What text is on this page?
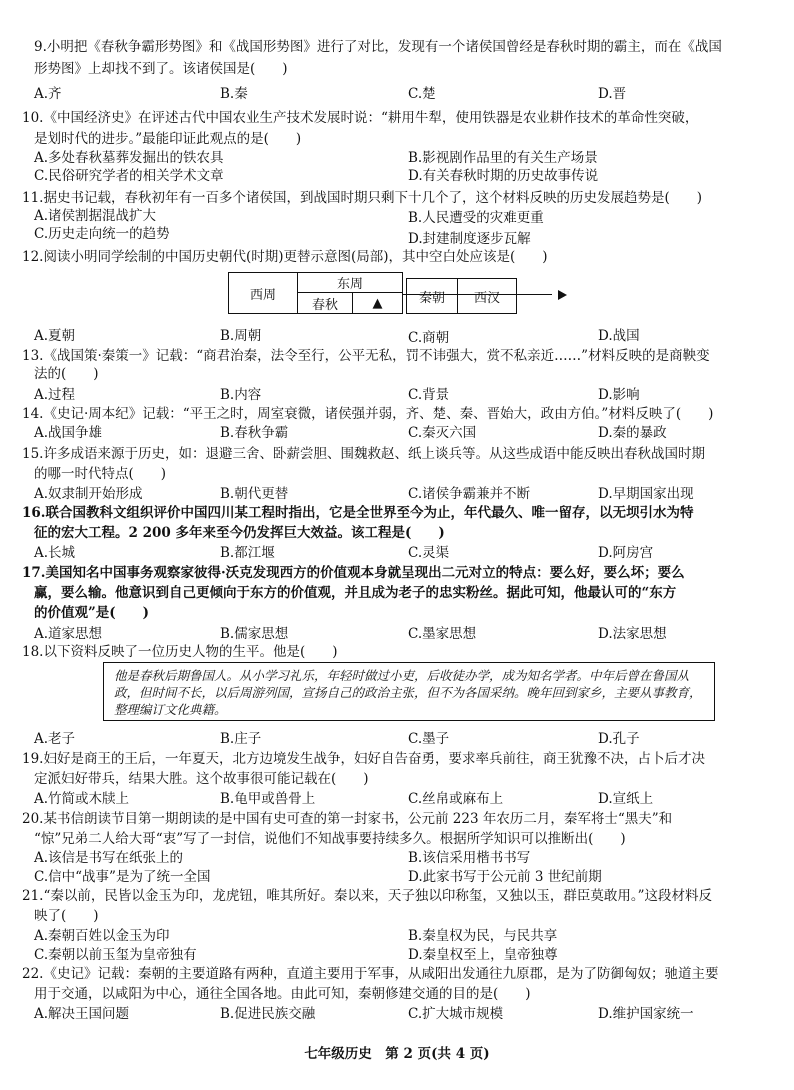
9.小明把《春秋争霸形势图》和《战国形势图》进行了对比，发现有一个诸侯国曾经是春秋时期的霸主，而在《战国
形势图》上却找不到了。该诸侯国是(　　)
A.齐	B.秦	C.楚	D.晋
10.《中国经济史》在评述古代中国农业生产技术发展时说：“耕用牛犁，使用铁器是农业耕作技术的革命性突破，
是划时代的进步。”最能印证此观点的是(　　)
A.多处春秋墓葬发掘出的铁农具	B.影视剧作品里的有关生产场景
C.民俗研究学者的相关学术文章	D.有关春秋时期的历史故事传说
11.据史书记载，春秋初年有一百多个诸侯国，到战国时期只剩下十几个了，这个材料反映的历史发展趋势是(　　)
A.诸侯割据混战扩大	B.人民遭受的灾难更重
C.历史走向统一的趋势	D.封建制度逐步瓦解
12.阅读小明同学绘制的中国历史朝代(时期)更替示意图(局部)，其中空白处应该是(　　)
西周
东周
春秋	▲	秦朝	西汉
A.夏朝	B.周朝	C.商朝	D.战国
13.《战国策·秦策一》记载：“商君治秦，法令至行，公平无私，罚不讳强大，赏不私亲近……”材料反映的是商鞅变
法的(　　)
A.过程	B.内容	C.背景	D.影响
14.《史记·周本纪》记载：“平王之时，周室衰微，诸侯强并弱，齐、楚、秦、晋始大，政由方伯。”材料反映了(　　)
A.战国争雄	B.春秋争霸	C.秦灭六国	D.秦的暴政
15.许多成语来源于历史，如：退避三舍、卧薪尝胆、围魏救赵、纸上谈兵等。从这些成语中能反映出春秋战国时期
的哪一时代特点(　　)
A.奴隶制开始形成	B.朝代更替	C.诸侯争霸兼并不断	D.早期国家出现
16.联合国教科文组织评价中国四川某工程时指出，它是全世界至今为止，年代最久、唯一留存，以无坝引水为特
征的宏大工程。2 200 多年来至今仍发挥巨大效益。该工程是(　　)
A.长城	B.都江堰	C.灵渠	D.阿房宫
17.美国知名中国事务观察家彼得·沃克发现西方的价值观本身就呈现出二元对立的特点：要么好，要么坏；要么
赢，要么输。他意识到自己更倾向于东方的价值观，并且成为老子的忠实粉丝。据此可知，他最认可的“东方
的价值观”是(　　)
A.道家思想	B.儒家思想	C.墨家思想	D.法家思想
18.以下资料反映了一位历史人物的生平。他是(　　)
他是春秋后期鲁国人。从小学习礼乐，年轻时做过小吏，后收徒办学，成为知名学者。中年后曾在鲁国从政，但时间不长，以后周游列国，宣扬自己的政治主张，但不为各国采纳。晚年回到家乡，主要从事教育，整理编订文化典籍。
A.老子	B.庄子	C.墨子	D.孔子
19.妇好是商王的王后，一年夏天，北方边境发生战争，妇好自告奋勇，要求率兵前往，商王犹豫不决，占卜后才决
定派妇好带兵，结果大胜。这个故事很可能记载在(　　)
A.竹简或木牍上	B.龟甲或兽骨上	C.丝帛或麻布上	D.宣纸上
20.某书信朗读节目第一期朗读的是中国有史可查的第一封家书，公元前 223 年农历二月，秦军将士“黑夫”和
“惊”兄弟二人给大哥“衷”写了一封信，说他们不知战事要持续多久。根据所学知识可以推断出(　　)
A.该信是书写在纸张上的	B.该信采用楷书书写
C.信中“战事”是为了统一全国	D.此家书写于公元前 3 世纪前期
21.“秦以前，民皆以金玉为印，龙虎钮，唯其所好。秦以来，天子独以印称玺，又独以玉，群臣莫敢用。”这段材料反
映了(　　)
A.秦朝百姓以金玉为印	B.秦皇权为民，与民共享
C.秦朝以前玉玺为皇帝独有	D.秦皇权至上，皇帝独尊
22.《史记》记载：秦朝的主要道路有两种，直道主要用于军事，从咸阳出发通往九原郡，是为了防御匈奴；驰道主要
用于交通，以咸阳为中心，通往全国各地。由此可知，秦朝修建交通的目的是(　　)
A.解决王国问题	B.促进民族交融	C.扩大城市规模	D.维护国家统一
七年级历史　第 2 页(共 4 页)
